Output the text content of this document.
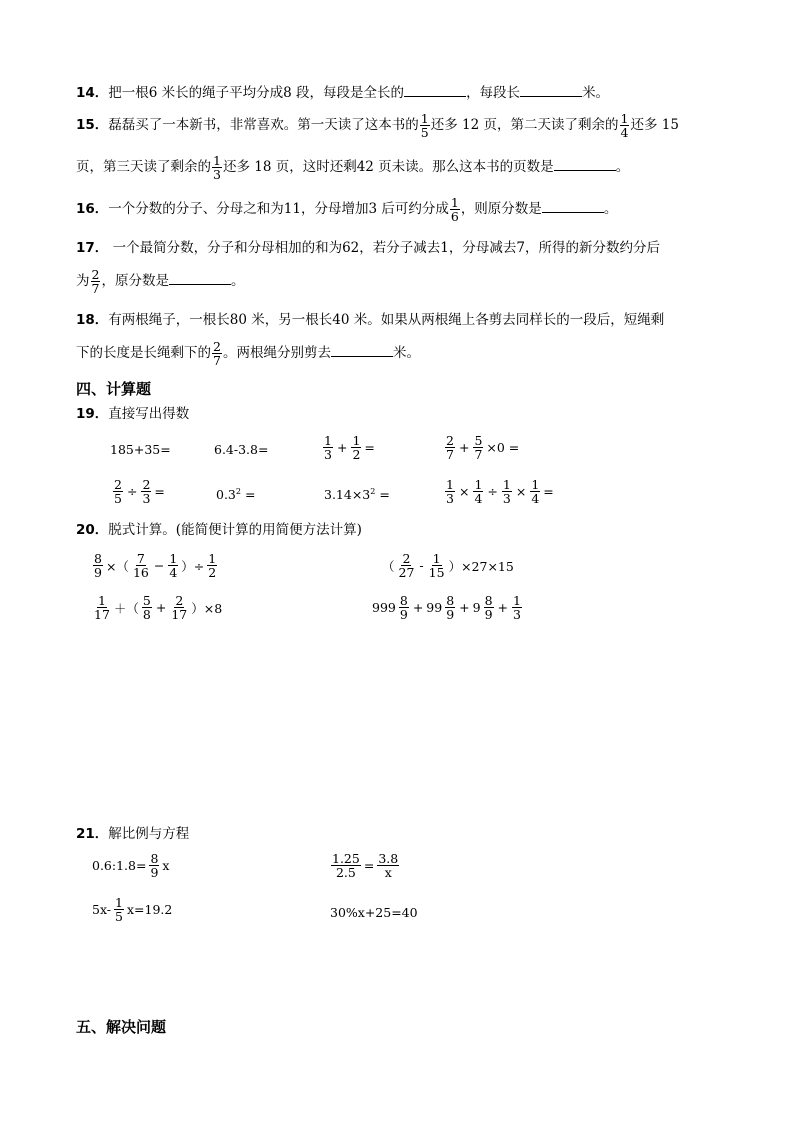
14．把一根6 米长的绳子平均分成8 段，每段是全长的	，每段长	米。
15．磊磊买了一本新书，非常喜欢。第一天读了这本书的 $\frac{1}{5}$ 还多 12 页，第二天读了剩余的 $\frac{1}{4}$ 还多 15
页，第三天读了剩余的 $\frac{1}{3}$ 还多 18 页，这时还剩42 页未读。那么这本书的页数是	。
16．一个分数的分子、分母之和为11，分母增加3 后可约分成 $\frac{1}{6}$ ，则原分数是	。
17． 一个最简分数，分子和分母相加的和为62，若分子减去1，分母减去7，所得的新分数约分后
为 $\frac{2}{7}$ ，原分数是	。
18．有两根绳子，一根长80 米，另一根长40 米。如果从两根绳上各剪去同样长的一段后，短绳剩
下的长度是长绳剩下的 $\frac{2}{7}$ 。两根绳分别剪去	米。
四、计算题
19．直接写出得数
185+35=	6.4-3.8=	$\frac{1}{3} + \frac{1}{2}$ =	$\frac{2}{7} + \frac{5}{7} \times 0$ =
$\frac{2}{5} \div \frac{2}{3}$ =	$0.3^2$ =	$3.14\times 3^2$ =	$\frac{1}{3} \times \frac{1}{4} \div \frac{1}{3} \times \frac{1}{4}$ =
20．脱式计算。(能简便计算的用简便方法计算)
$\frac{8}{9}$ ×（ $\frac{7}{16} - \frac{1}{4}$ ）÷ $\frac{1}{2}$	（ $\frac{2}{27} - \frac{1}{15} )\times 27\times 15$
$\frac{1}{17}$ ＋（ $\frac{5}{8} + \frac{2}{17} )\times 8$	$999 \frac{8}{9} + 99 \frac{8}{9} + 9 \frac{8}{9} + \frac{1}{3}$
21．解比例与方程
0.6:1.8= $\frac{8}{9}$ x	$\frac{1.25}{2.5} = \frac{3.8}{x}$
$5x- \frac{1}{5} x=19.2$	30%x+25=40
五、解决问题
